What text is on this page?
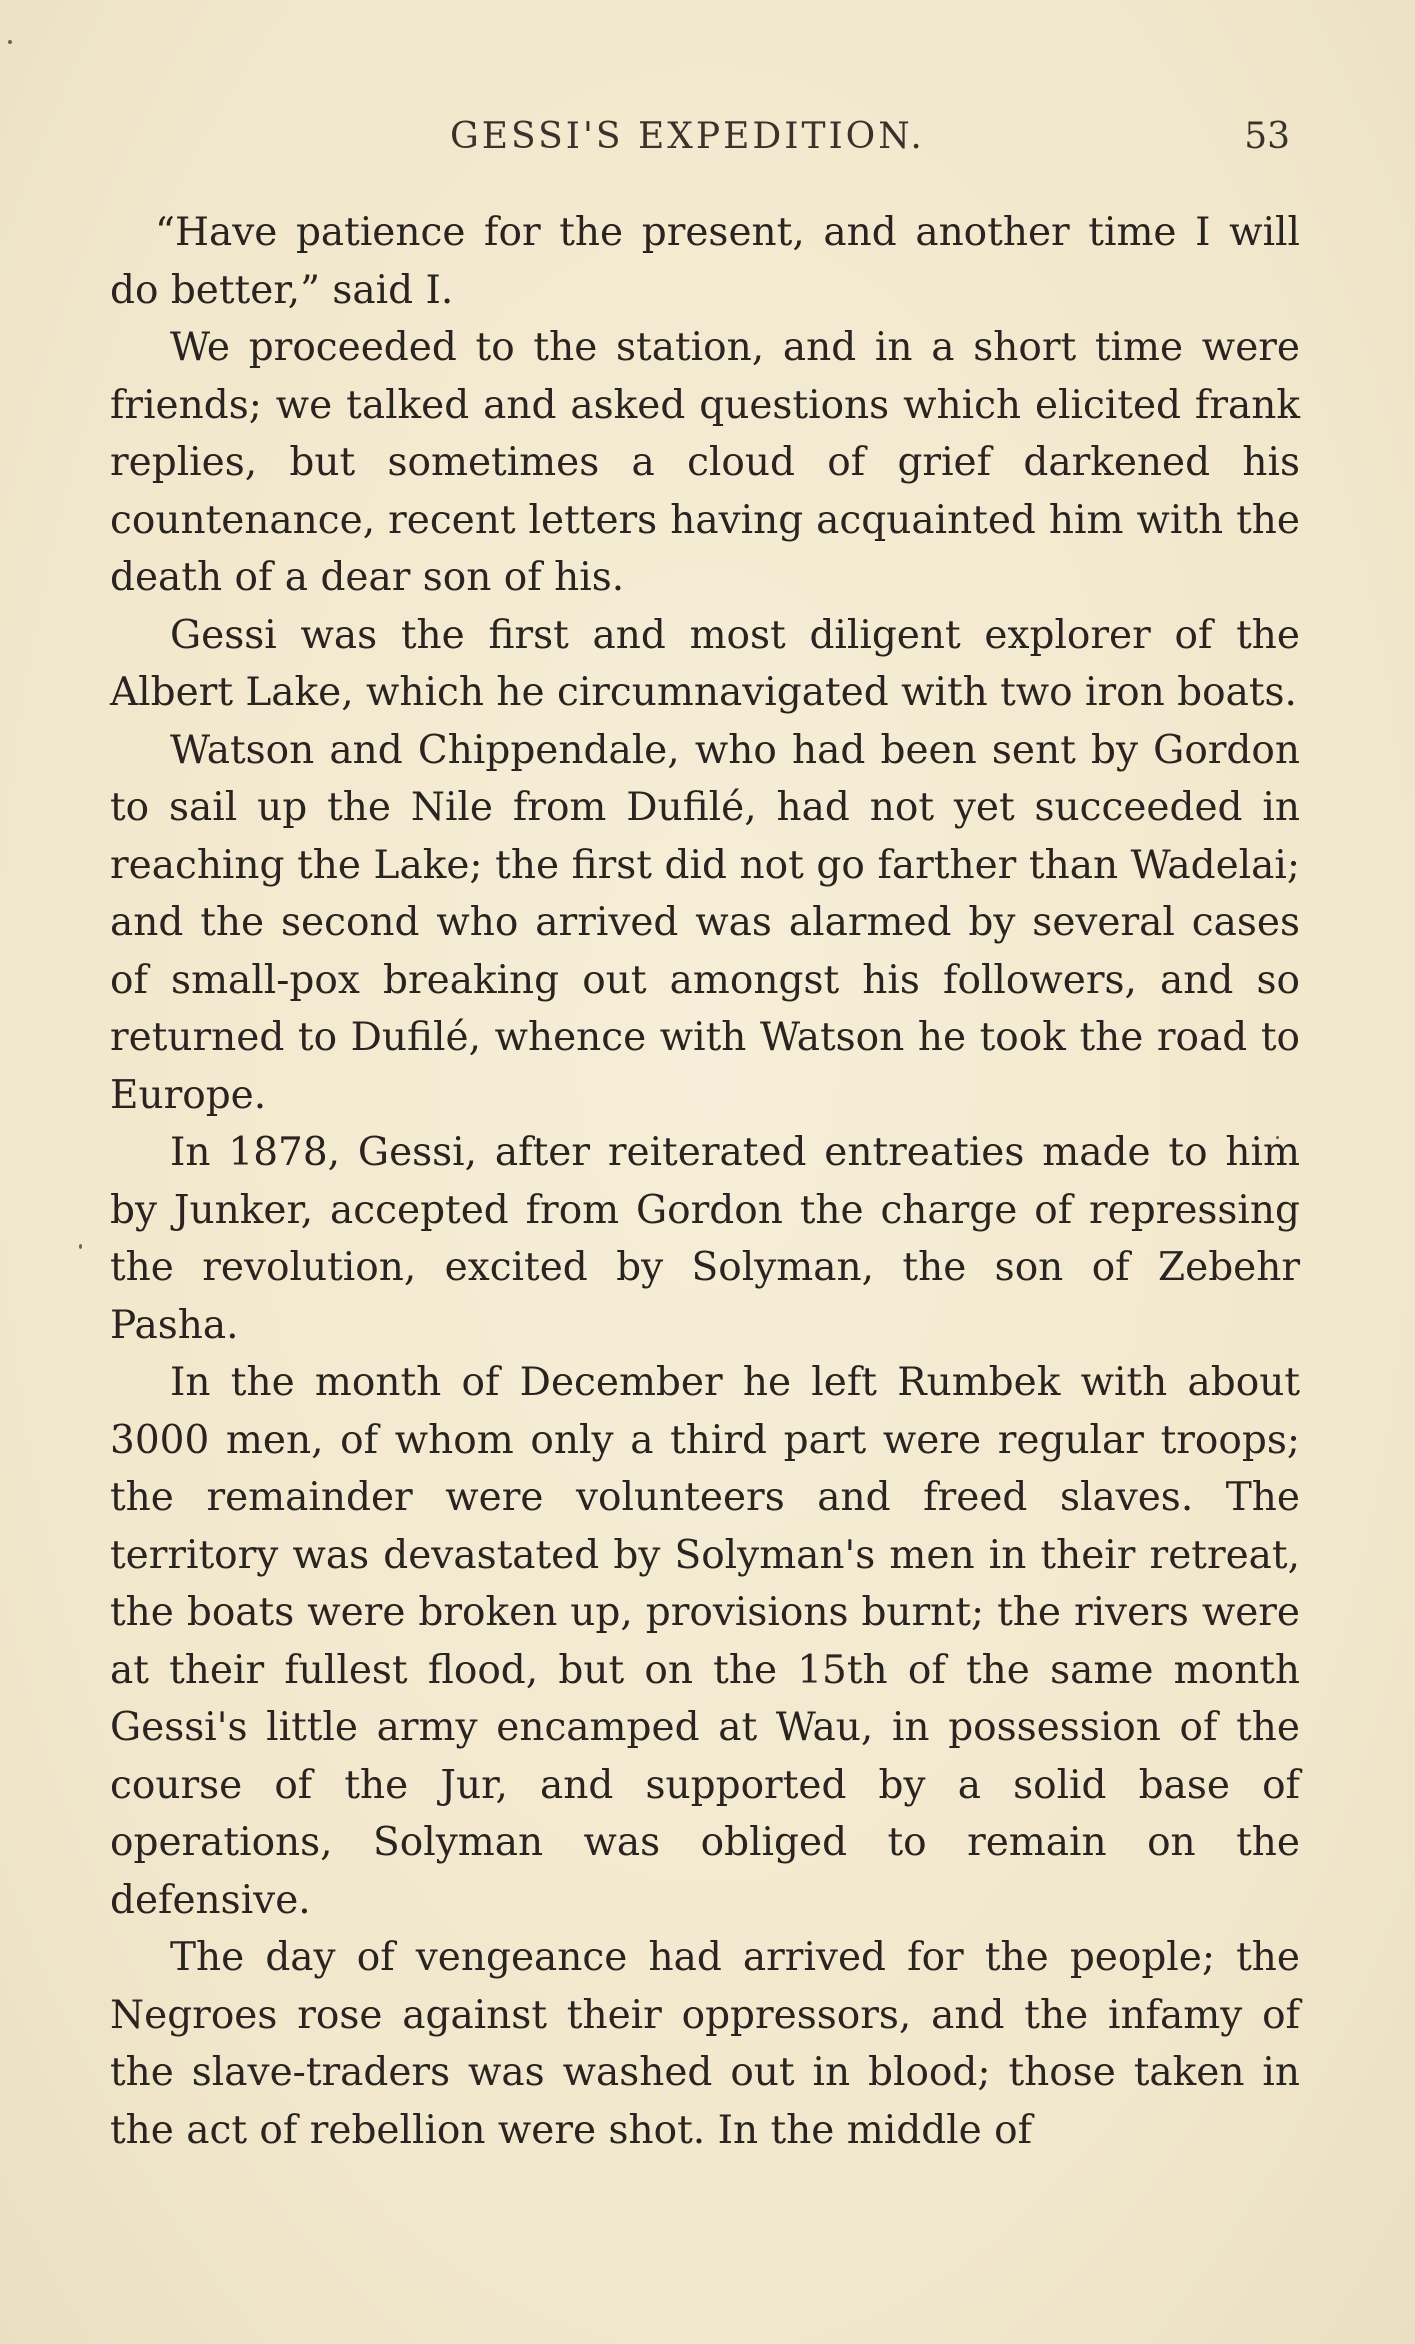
GESSI'S EXPEDITION.	53

“Have patience for the present, and another time I will do better,” said I.

We proceeded to the station, and in a short time were friends; we talked and asked questions which elicited frank replies, but sometimes a cloud of grief darkened his countenance, recent letters having acquainted him with the death of a dear son of his.

Gessi was the first and most diligent explorer of the Albert Lake, which he circumnavigated with two iron boats.

Watson and Chippendale, who had been sent by Gordon to sail up the Nile from Dufilé, had not yet succeeded in reaching the Lake; the first did not go farther than Wadelai; and the second who arrived was alarmed by several cases of small-pox breaking out amongst his followers, and so returned to Dufilé, whence with Watson he took the road to Europe.

In 1878, Gessi, after reiterated entreaties made to him by Junker, accepted from Gordon the charge of repressing the revolution, excited by Solyman, the son of Zebehr Pasha.

In the month of December he left Rumbek with about 3000 men, of whom only a third part were regular troops; the remainder were volunteers and freed slaves. The territory was devastated by Solyman's men in their retreat, the boats were broken up, provisions burnt; the rivers were at their fullest flood, but on the 15th of the same month Gessi's little army encamped at Wau, in possession of the course of the Jur, and supported by a solid base of operations, Solyman was obliged to remain on the defensive.

The day of vengeance had arrived for the people; the Negroes rose against their oppressors, and the infamy of the slave-traders was washed out in blood; those taken in the act of rebellion were shot. In the middle of
